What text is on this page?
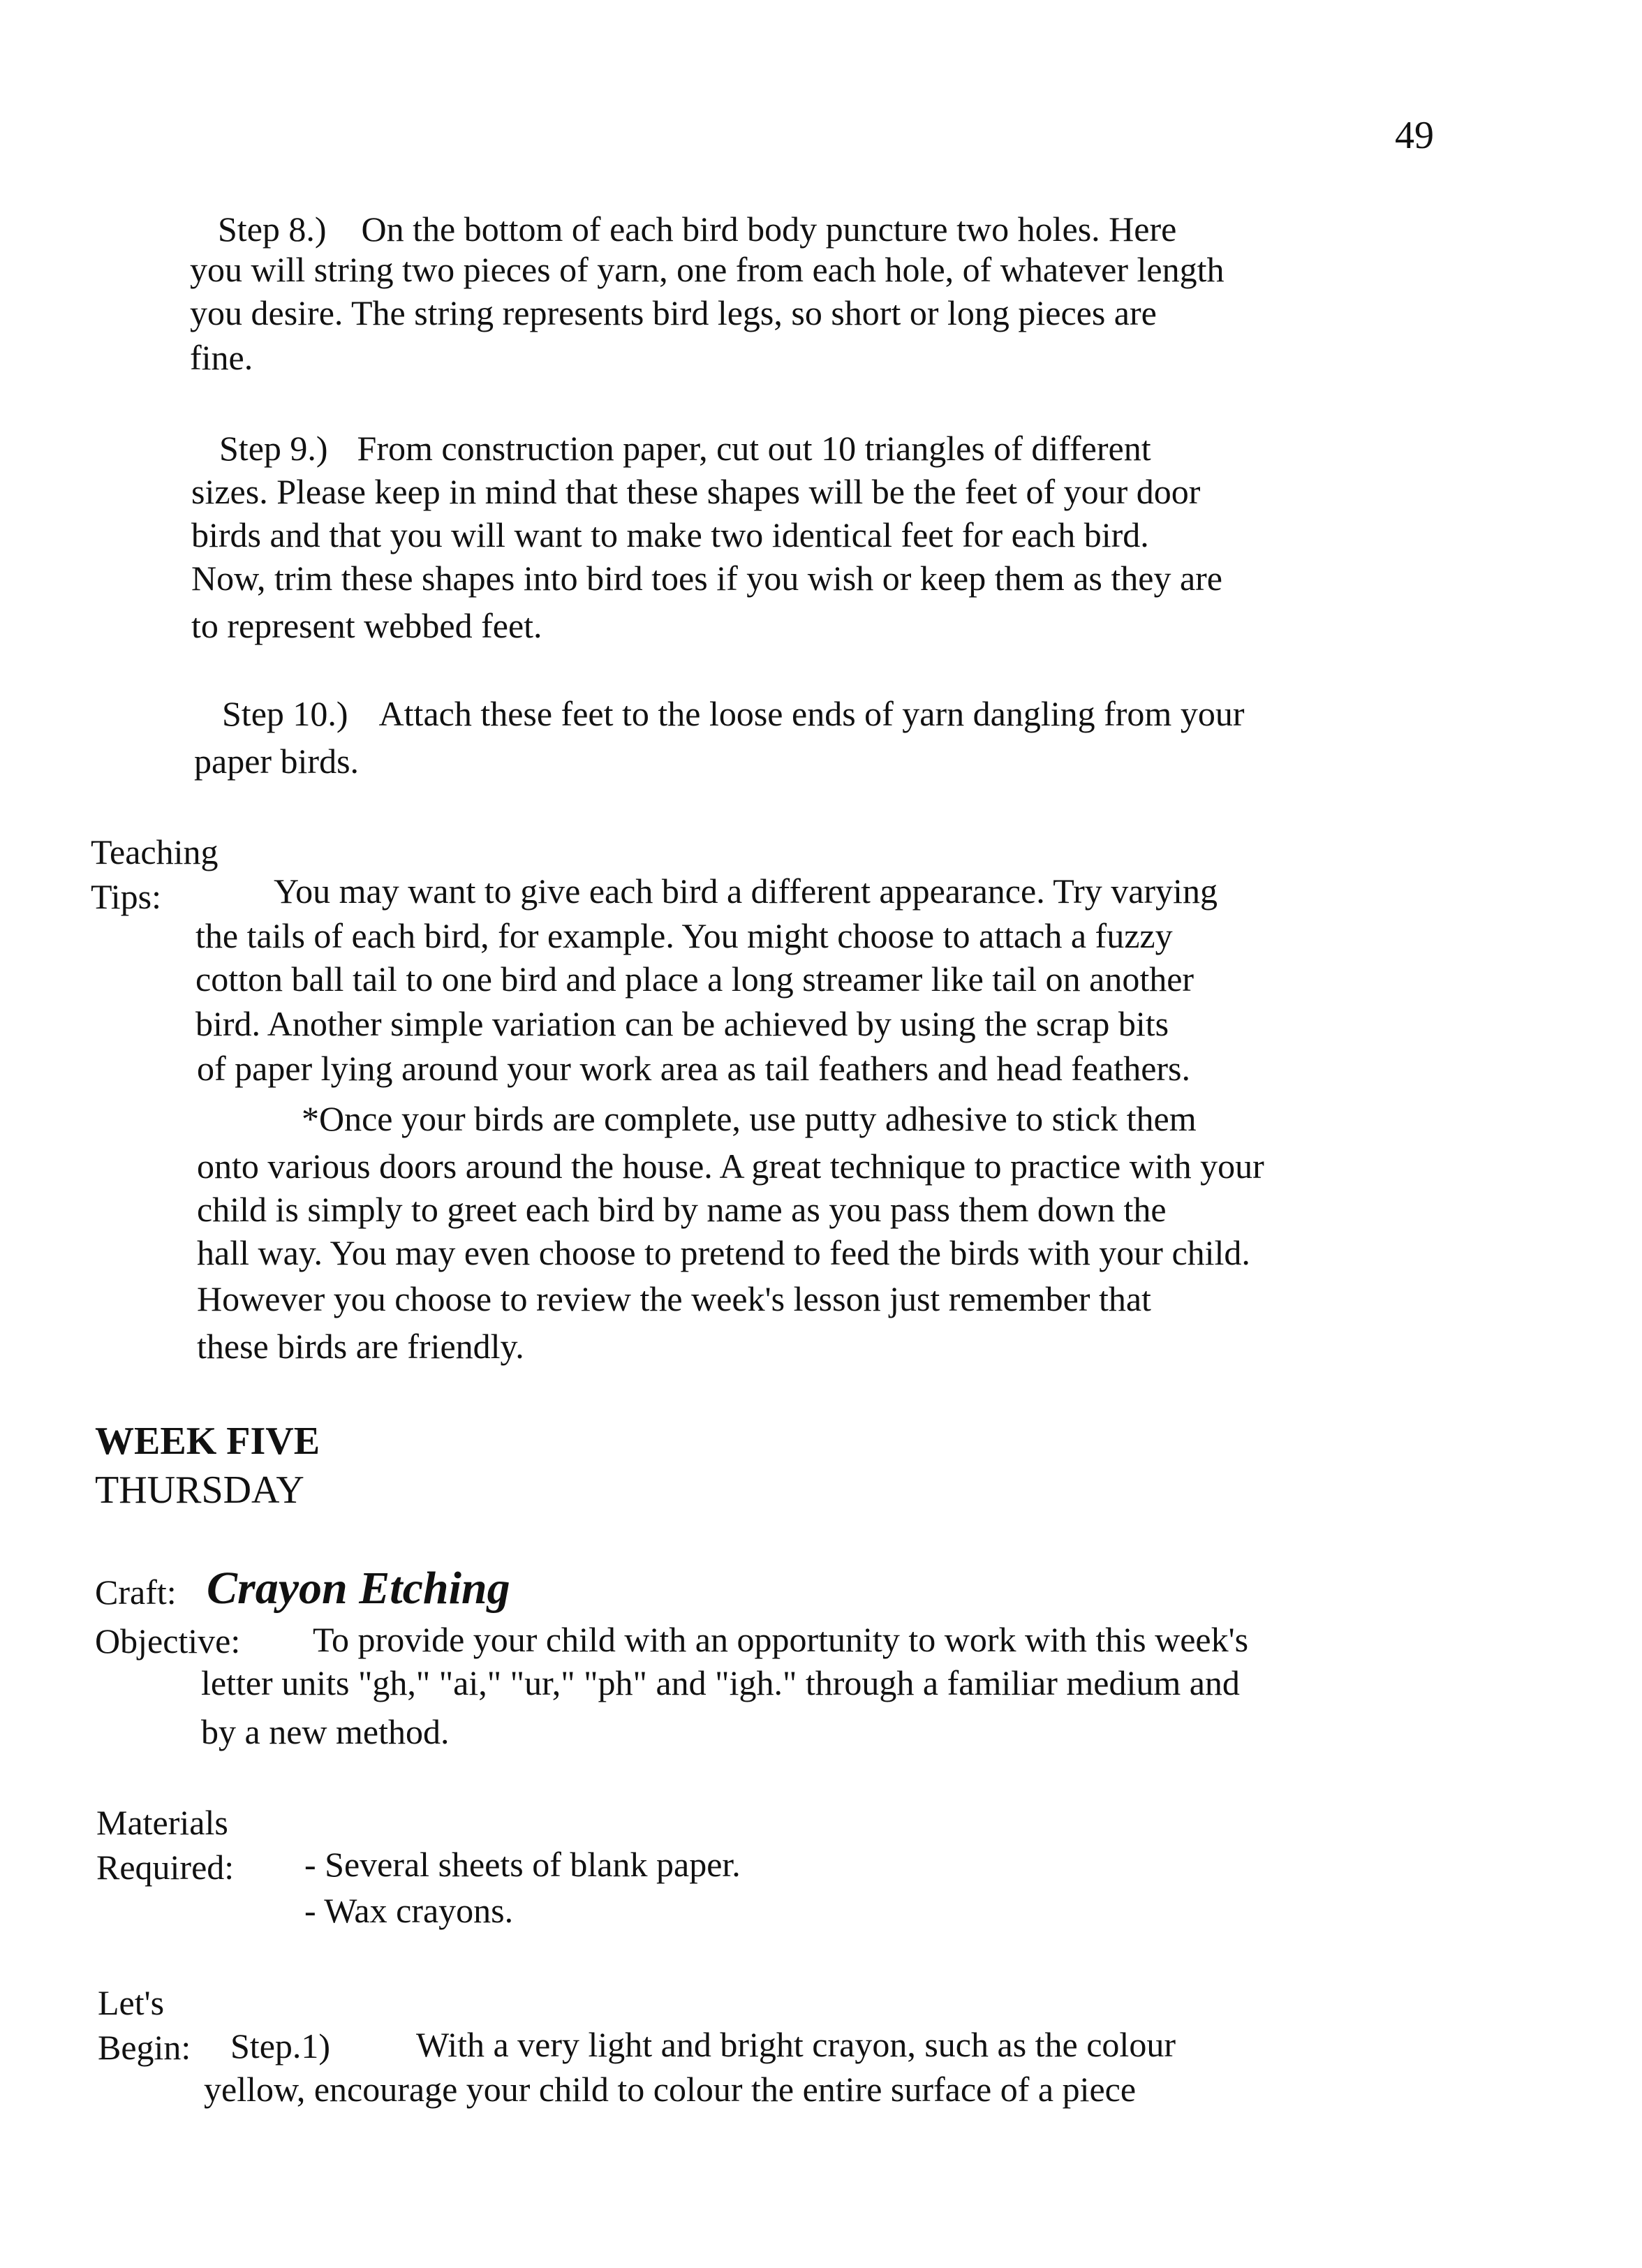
49
Step 8.) On the bottom of each bird body puncture two holes. Here
you will string two pieces of yarn, one from each hole, of whatever length
you desire. The string represents bird legs, so short or long pieces are
fine.
Step 9.) From construction paper, cut out 10 triangles of different
sizes. Please keep in mind that these shapes will be the feet of your door
birds and that you will want to make two identical feet for each bird.
Now, trim these shapes into bird toes if you wish or keep them as they are
to represent webbed feet.
Step 10.) Attach these feet to the loose ends of yarn dangling from your
paper birds.
Teaching
Tips:	You may want to give each bird a different appearance. Try varying
the tails of each bird, for example. You might choose to attach a fuzzy
cotton ball tail to one bird and place a long streamer like tail on another
bird. Another simple variation can be achieved by using the scrap bits
of paper lying around your work area as tail feathers and head feathers.
*Once your birds are complete, use putty adhesive to stick them
onto various doors around the house. A great technique to practice with your
child is simply to greet each bird by name as you pass them down the
hall way. You may even choose to pretend to feed the birds with your child.
However you choose to review the week's lesson just remember that
these birds are friendly.
WEEK FIVE
THURSDAY
Craft: Crayon Etching
Objective: To provide your child with an opportunity to work with this week's
letter units "gh," "ai," "ur," "ph" and "igh." through a familiar medium and
by a new method.
Materials
Required: - Several sheets of blank paper.
- Wax crayons.
Let's
Begin: Step.1) With a very light and bright crayon, such as the colour
yellow, encourage your child to colour the entire surface of a piece
